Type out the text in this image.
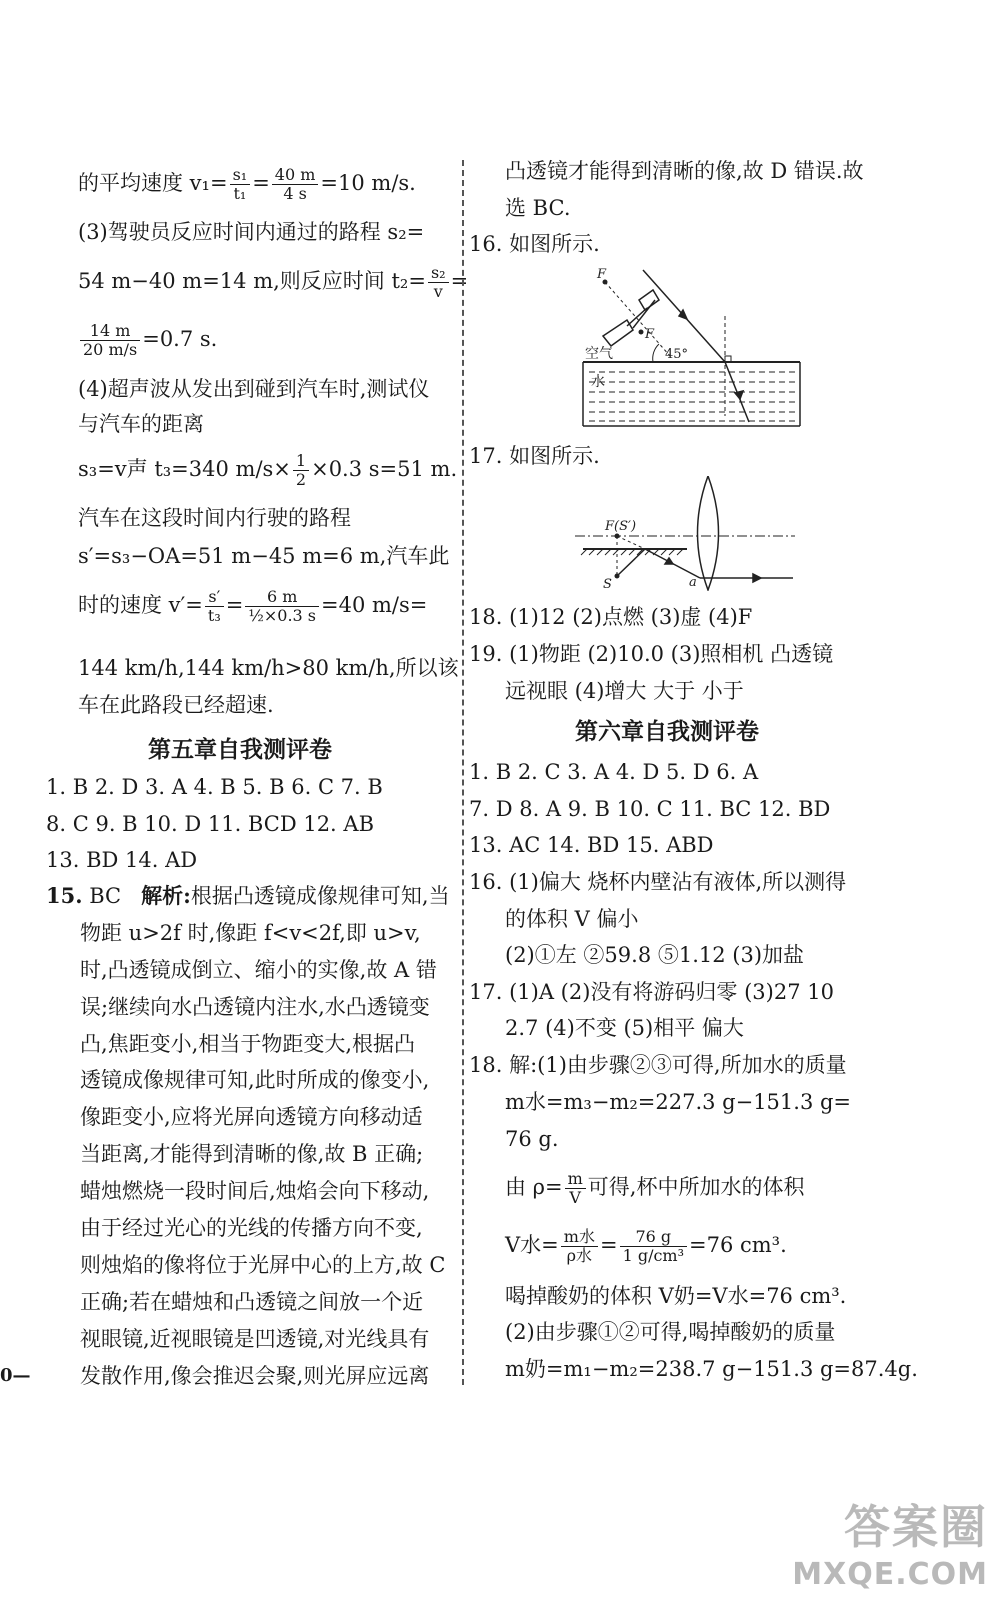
的平均速度 $v_1= \frac{\text{s₁}}{\text{t₁}} = \frac{40 m}{4 s} =10$ m/s.
(3)驾驶员反应时间内通过的路程 s₂=
54 m−40 m=14 m,则反应时间 $t_2= \frac{\text{s₂}}{v}$ =
$\frac{14 m}{20 m/s} =0.7$ s.
(4)超声波从发出到碰到汽车时,测试仪
与汽车的距离
s₃=v声 t₃=340 $m/s\times \frac{1}{2} \times 0.3$ s=51 m.
汽车在这段时间内行驶的路程
s′=s₃−OA=51 m−45 m=6 m,汽车此
时的速度 $v'= \frac{s'}{\text{t₃}} = \frac{6 m}{\text{½×0.3 s}} =40$ m/s=
144 km/h,144 km/h>80 km/h,所以该
车在此路段已经超速.
第五章自我测评卷
1. B 2. D 3. A 4. B 5. B 6. C 7. B
8. C 9. B 10. D 11. BCD 12. AB
13. BD 14. AD
15. BC 解析:根据凸透镜成像规律可知,当
物距 u>2f 时,像距 f<v<2f,即 u>v,
时,凸透镜成倒立、缩小的实像,故 A 错
误;继续向水凸透镜内注水,水凸透镜变
凸,焦距变小,相当于物距变大,根据凸
透镜成像规律可知,此时所成的像变小,
像距变小,应将光屏向透镜方向移动适
当距离,才能得到清晰的像,故 B 正确;
蜡烛燃烧一段时间后,烛焰会向下移动,
由于经过光心的光线的传播方向不变,
则烛焰的像将位于光屏中心的上方,故 C
正确;若在蜡烛和凸透镜之间放一个近
视眼镜,近视眼镜是凹透镜,对光线具有
发散作用,像会推迟会聚,则光屏应远离
0—
凸透镜才能得到清晰的像,故 D 错误.故
选 BC.
16. 如图所示.
F
F
45°
空气
水
17. 如图所示.
F(S′)
S	a
18. (1)12 (2)点燃 (3)虚 (4)F
19. (1)物距 (2)10.0 (3)照相机 凸透镜
远视眼 (4)增大 大于 小于
第六章自我测评卷
1. B 2. C 3. A 4. D 5. D 6. A
7. D 8. A 9. B 10. C 11. BC 12. BD
13. AC 14. BD 15. ABD
16. (1)偏大 烧杯内壁沾有液体,所以测得
的体积 V 偏小
(2)①左 ②59.8 ⑤1.12 (3)加盐
17. (1)A (2)没有将游码归零 (3)27 10
2.7 (4)不变 (5)相平 偏大
18. 解:(1)由步骤②③可得,所加水的质量
m水=m₃−m₂=227.3 g−151.3 g=
76 g.
由 $\rho= \frac{m}{V}$ 可得,杯中所加水的体积
V水= $\frac{\text{m水}}{\text{ρ水}} = \frac{76 g}{\text{1 g/cm³}} =76$ cm³.
喝掉酸奶的体积 V奶=V水=76 cm³.
(2)由步骤①②可得,喝掉酸奶的质量
m奶=m₁−m₂=238.7 g−151.3 g=87.4g.
答案圈
MXQE.COM
